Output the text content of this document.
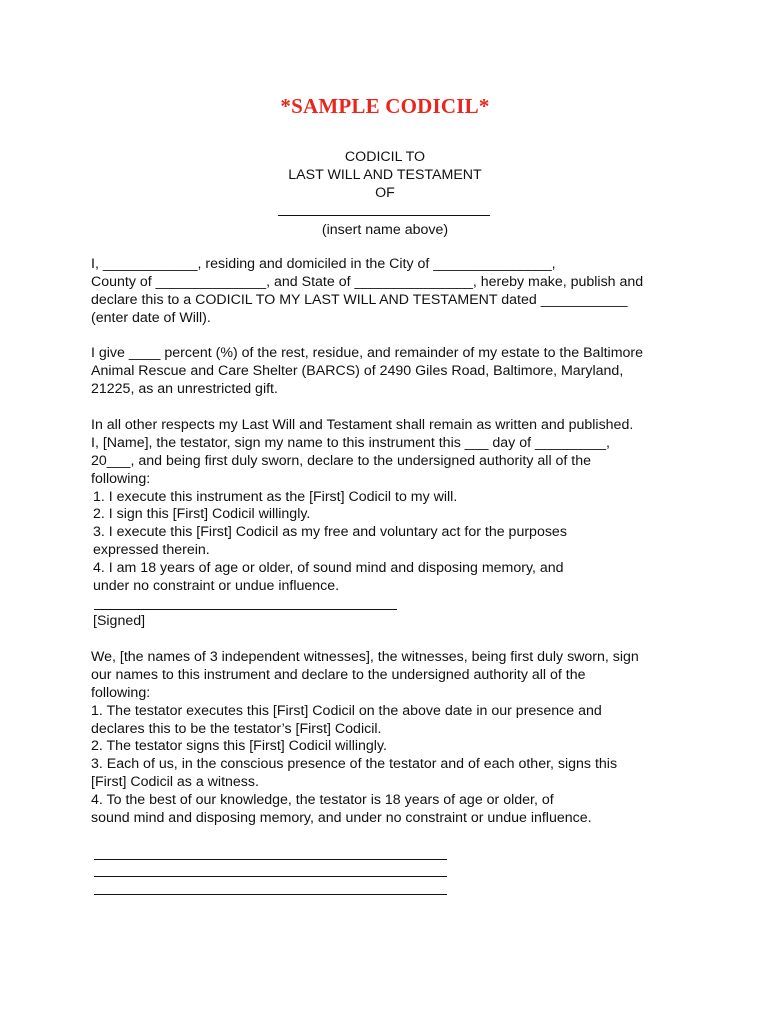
*SAMPLE CODICIL*
CODICIL TO
LAST WILL AND TESTAMENT
OF
(insert name above)
I, ____________, residing and domiciled in the City of _______________,
County of ______________, and State of _______________, hereby make, publish and
declare this to a CODICIL TO MY LAST WILL AND TESTAMENT dated ___________
(enter date of Will).
I give ____ percent (%) of the rest, residue, and remainder of my estate to the Baltimore
Animal Rescue and Care Shelter (BARCS) of 2490 Giles Road, Baltimore, Maryland,
21225, as an unrestricted gift.
In all other respects my Last Will and Testament shall remain as written and published.
I, [Name], the testator, sign my name to this instrument this ___ day of _________,
20___, and being first duly sworn, declare to the undersigned authority all of the
following:
1. I execute this instrument as the [First] Codicil to my will.
2. I sign this [First] Codicil willingly.
3. I execute this [First] Codicil as my free and voluntary act for the purposes
expressed therein.
4. I am 18 years of age or older, of sound mind and disposing memory, and
under no constraint or undue influence.
[Signed]
We, [the names of 3 independent witnesses], the witnesses, being first duly sworn, sign
our names to this instrument and declare to the undersigned authority all of the
following:
1. The testator executes this [First] Codicil on the above date in our presence and
declares this to be the testator’s [First] Codicil.
2. The testator signs this [First] Codicil willingly.
3. Each of us, in the conscious presence of the testator and of each other, signs this
[First] Codicil as a witness.
4. To the best of our knowledge, the testator is 18 years of age or older, of
sound mind and disposing memory, and under no constraint or undue influence.
